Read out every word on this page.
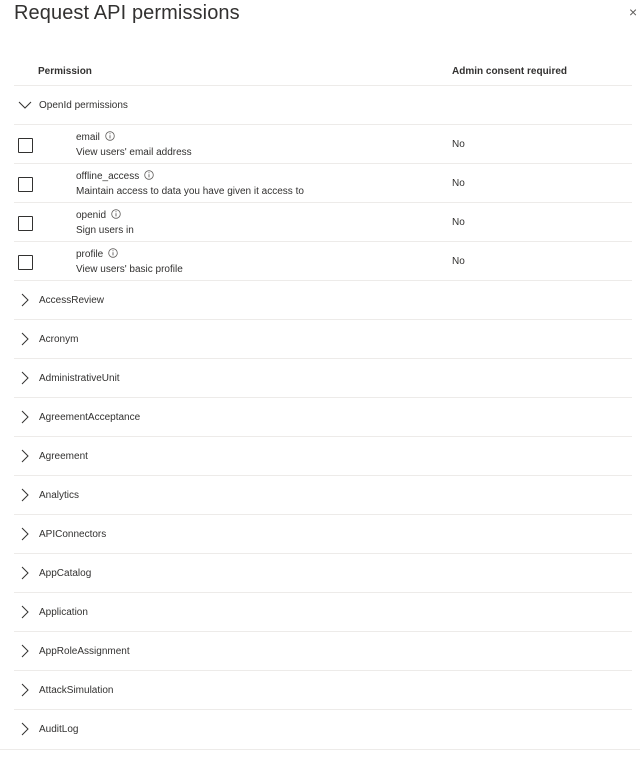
Request API permissions	×
Permission	Admin consent required
OpenId permissions
email
View users' email address
No
offline_access
Maintain access to data you have given it access to
No
openid
Sign users in
No
profile
View users' basic profile
No
AccessReview
Acronym
AdministrativeUnit
AgreementAcceptance
Agreement
Analytics
APIConnectors
AppCatalog
Application
AppRoleAssignment
AttackSimulation
AuditLog
